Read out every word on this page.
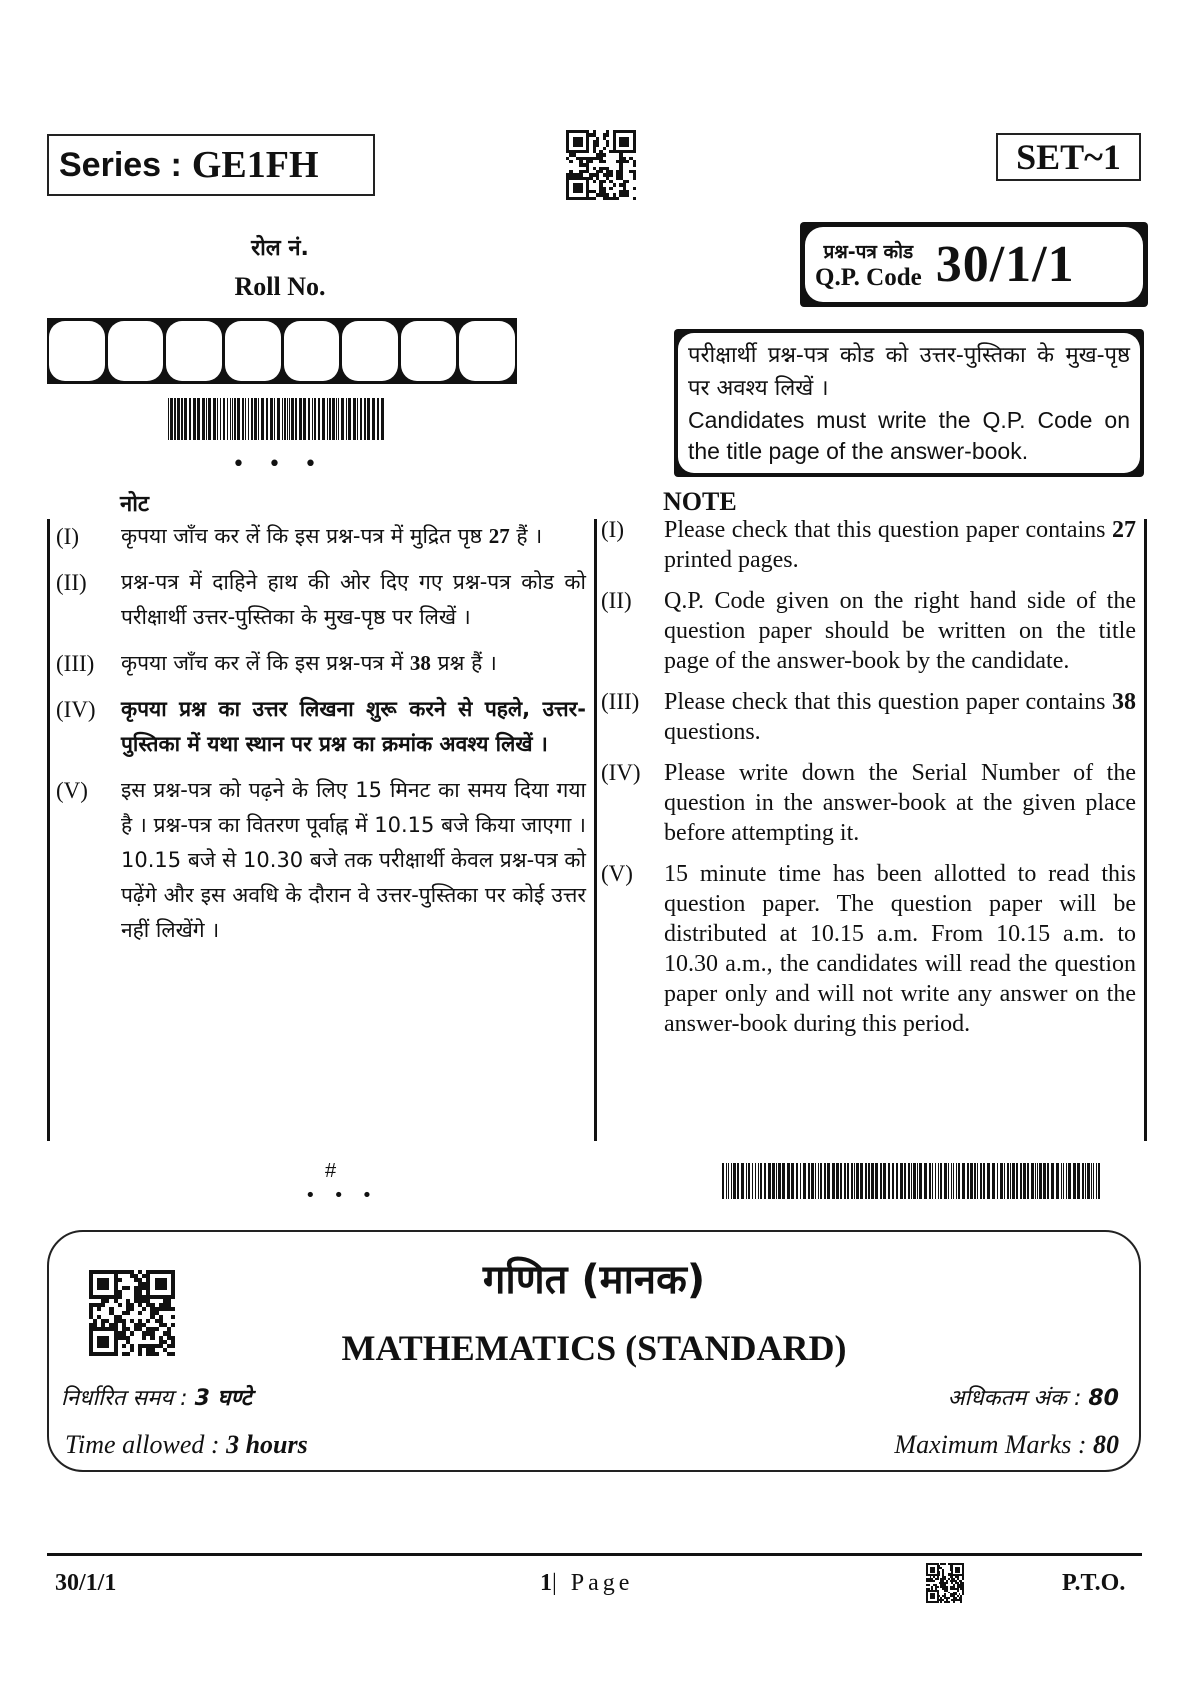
Series : GE1FH	SET~1
रोल नं.
Roll No.
प्रश्न-पत्र कोड
Q.P. Code 30/1/1
• • •
परीक्षार्थी प्रश्न-पत्र कोड को उत्तर-पुस्तिका के मुख-पृष्ठ पर अवश्य लिखें ।
Candidates must write the Q.P. Code on the title page of the answer-book.
नोट	NOTE
(I)	कृपया जाँच कर लें कि इस प्रश्न-पत्र में मुद्रित पृष्ठ 27 हैं ।
(II)	प्रश्न-पत्र में दाहिने हाथ की ओर दिए गए प्रश्न-पत्र कोड को परीक्षार्थी उत्तर-पुस्तिका के मुख-पृष्ठ पर लिखें ।
(III)	कृपया जाँच कर लें कि इस प्रश्न-पत्र में 38 प्रश्न हैं ।
(IV)	कृपया प्रश्न का उत्तर लिखना शुरू करने से पहले, उत्तर-पुस्तिका में यथा स्थान पर प्रश्न का क्रमांक अवश्य लिखें ।
(V)	इस प्रश्न-पत्र को पढ़ने के लिए 15 मिनट का समय दिया गया है । प्रश्न-पत्र का वितरण पूर्वाह्न में 10.15 बजे किया जाएगा । 10.15 बजे से 10.30 बजे तक परीक्षार्थी केवल प्रश्न-पत्र को पढ़ेंगे और इस अवधि के दौरान वे उत्तर-पुस्तिका पर कोई उत्तर नहीं लिखेंगे ।
(I)	Please check that this question paper contains 27 printed pages.
(II)	Q.P. Code given on the right hand side of the question paper should be written on the title page of the answer-book by the candidate.
(III)	Please check that this question paper contains 38 questions.
(IV) Please write down the Serial Number of the question in the answer-book at the given place before attempting it.
(V)	15 minute time has been allotted to read this question paper. The question paper will be distributed at 10.15 a.m. From 10.15 a.m. to 10.30 a.m., the candidates will read the question paper only and will not write any answer on the answer-book during this period.
#
• • •
गणित (मानक)
MATHEMATICS (STANDARD)
निर्धारित समय : 3 घण्टे	अधिकतम अंक : 80
Time allowed : 3 hours	Maximum Marks : 80
30/1/1	1| Page	P.T.O.
